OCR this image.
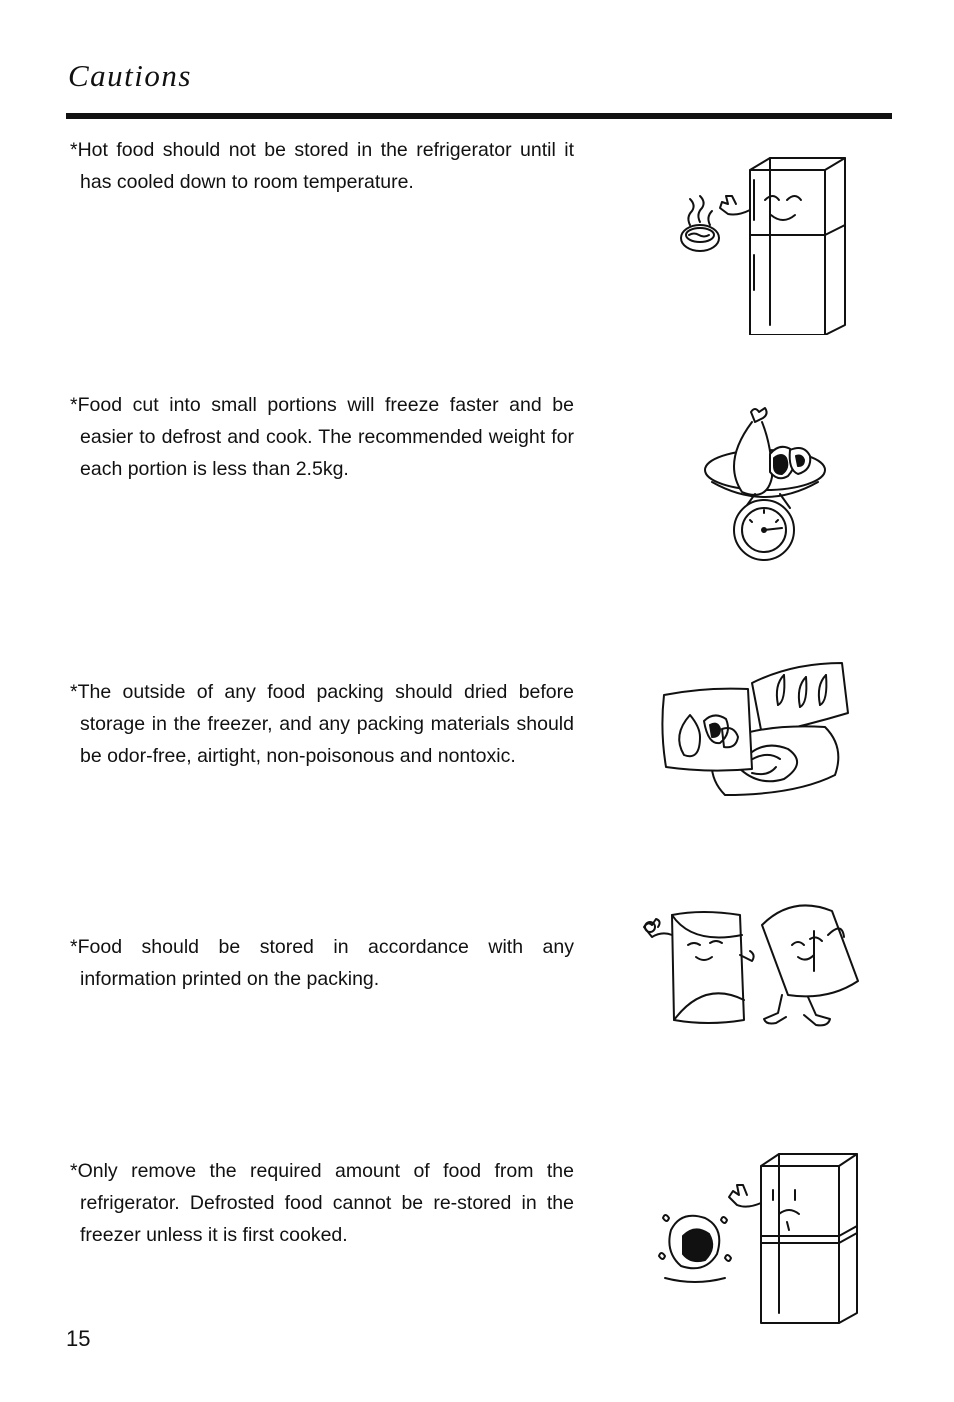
Cautions

*Hot food should not be stored in the refrigerator until it has cooled down to room temperature.

*Food cut into small portions will freeze faster and be easier to defrost and cook. The recommended weight for each portion is less than 2.5kg.

*The outside of any food packing should dried before storage in the freezer, and any packing materials should be odor-free, airtight, non-poisonous and nontoxic.

*Food should be stored in accordance with any information printed on the packing.

*Only remove the required amount of food from the refrigerator. Defrosted food cannot be re-stored in the freezer unless it is first cooked.

15
